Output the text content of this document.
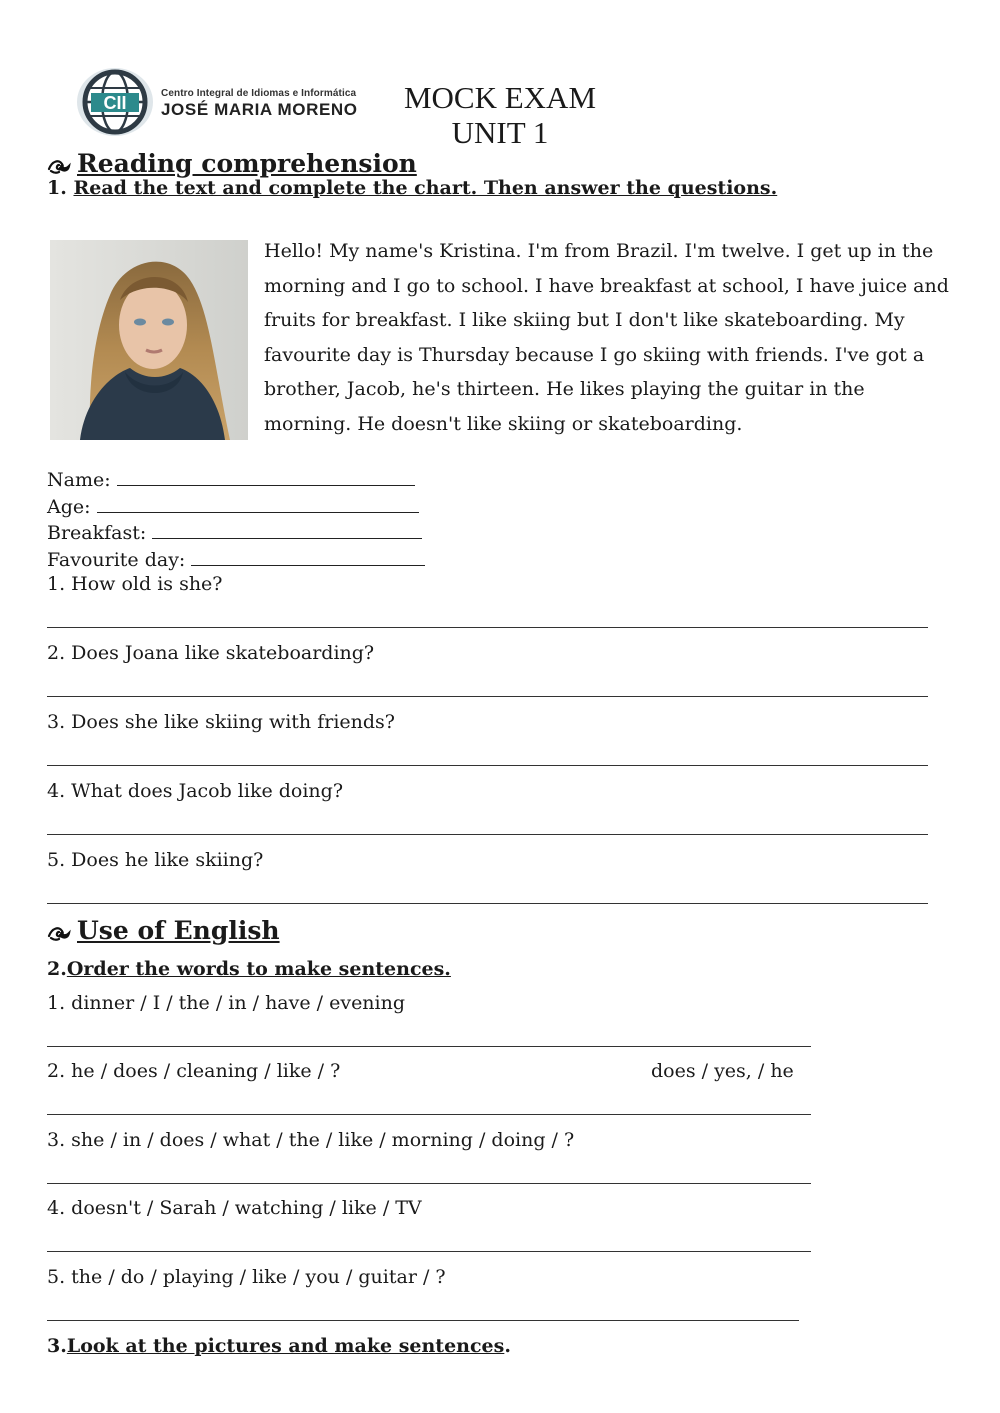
CII	Centro Integral de Idiomas e Informática
JOSÉ MARIA MORENO MOCK EXAM
UNIT 1
Reading comprehension
1. Read the text and complete the chart. Then answer the questions.
Hello! My name's Kristina. I'm from Brazil. I'm twelve. I get up in the morning and I go to school. I have breakfast at school, I have juice and fruits for breakfast. I like skiing but I don't like skateboarding. My favourite day is Thursday because I go skiing with friends. I've got a brother, Jacob, he's thirteen. He likes playing the guitar in the morning. He doesn't like skiing or skateboarding.
Name:
Age:
Breakfast:
Favourite day:
1. How old is she?
2. Does Joana like skateboarding?
3. Does she like skiing with friends?
4. What does Jacob like doing?
5. Does he like skiing?
Use of English
2.Order the words to make sentences.
1. dinner / I / the / in / have / evening
2. he / does / cleaning / like / ?	does / yes, / he
3. she / in / does / what / the / like / morning / doing / ?
4. doesn't / Sarah / watching / like / TV
5. the / do / playing / like / you / guitar / ?
3.Look at the pictures and make sentences.
